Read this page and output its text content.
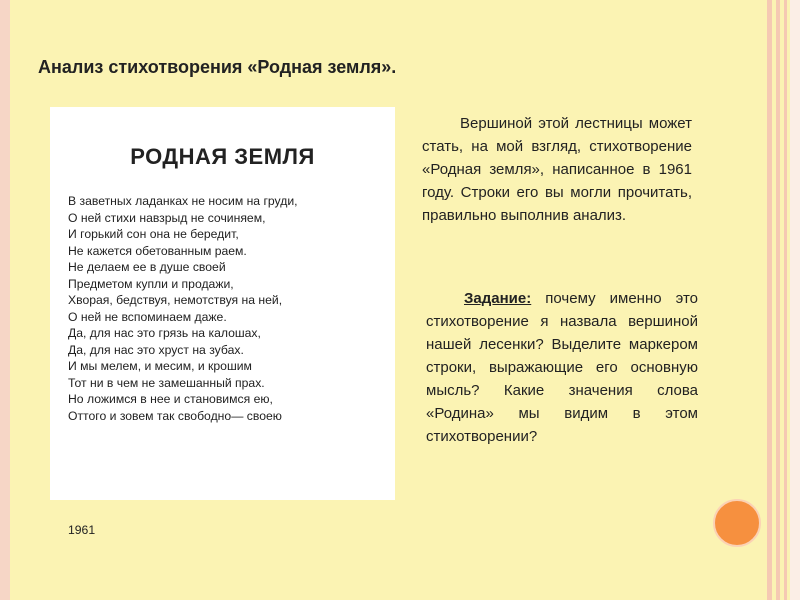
Анализ стихотворения «Родная земля».
РОДНАЯ ЗЕМЛЯ
В заветных ладанках не носим на груди,
О ней стихи навзрыд не сочиняем,
И горький сон она не бередит,
Не кажется обетованным раем.
Не делаем ее в душе своей
Предметом купли и продажи,
Хворая, бедствуя, немотствуя на ней,
О ней не вспоминаем даже.
Да, для нас это грязь на калошах,
Да, для нас это хруст на зубах.
И мы мелем, и месим, и крошим
Тот ни в чем не замешанный прах.
Но ложимся в нее и становимся ею,
Оттого и зовем так свободно— своею
1961
Вершиной этой лестницы может стать, на мой взгляд, стихотворение «Родная земля», написанное в 1961 году. Строки его вы могли прочитать, правильно выполнив анализ.
Задание: почему именно это стихотворение я назвала вершиной нашей лесенки? Выделите маркером строки, выражающие его основную мысль? Какие значения слова «Родина» мы видим в этом стихотворении?
